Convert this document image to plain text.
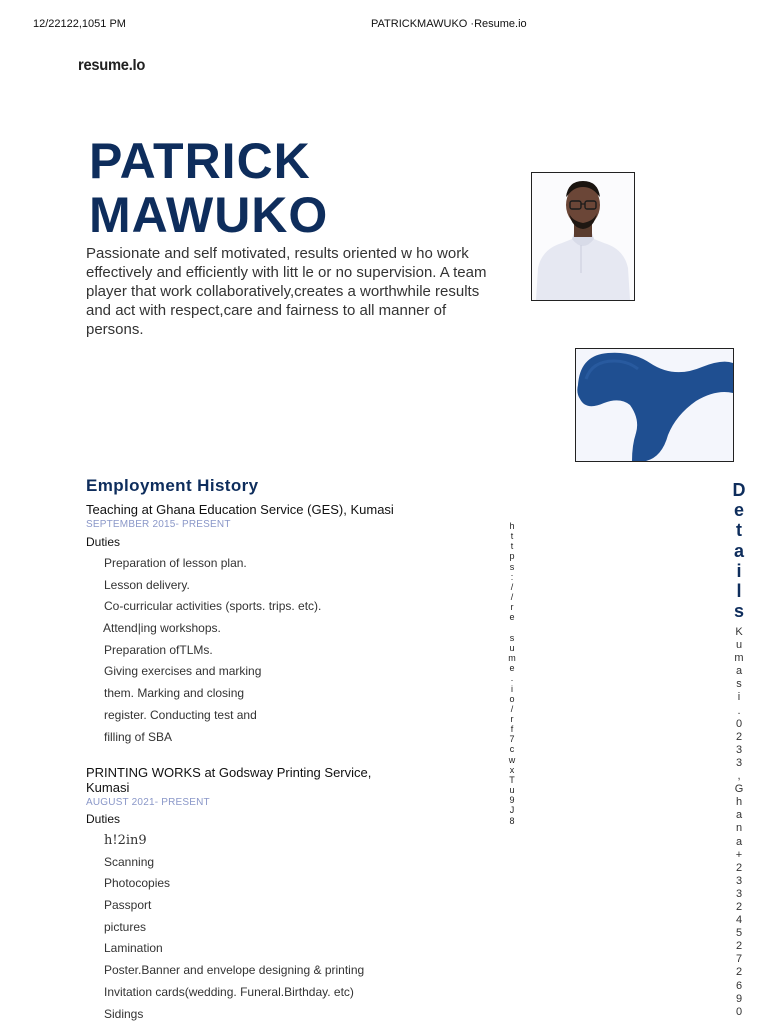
12/22122,1051 PM	PATRICKMAWUKO ·Resume.io
resume.Io
PATRICK
MAWUKO
Passionate and self motivated, results oriented w ho work effectively and efficiently with litt le or no supervision. A team player that work collaboratively,creates a worthwhile results and act with respect,care and fairness to all manner of persons.
Employment History
Teaching at Ghana Education Service (GES), Kumasi
SEPTEMBER 2015- PRESENT
Duties
Preparation of lesson plan.
Lesson delivery.
Co-curricular activities (sports. trips. etc).
Attend|ing workshops.
Preparation ofTLMs.
Giving exercises and marking
them. Marking and closing
register. Conducting test and
filling of SBA
PRINTING WORKS at Godsway Printing Service, Kumasi
AUGUST 2021- PRESENT
Duties
h!2in9
Scanning
Photocopies
Passport
pictures
Lamination
Poster.Banner and envelope designing & printing
Invitation cards(wedding. Funeral.Birthday. etc)
Sidings
h
t
t
p
s
:
/
/
r
e

s
u
m
e
.
i
o
/
r
f
7
c
w
x
T
u
9
J
8
D
e
t
a
i
l
s
K
u
m
a
s
i
.
0
2
3
3
,
G
h
a
n
a
+
2
3
3
2
4
5
2
7
2
6
9
0
